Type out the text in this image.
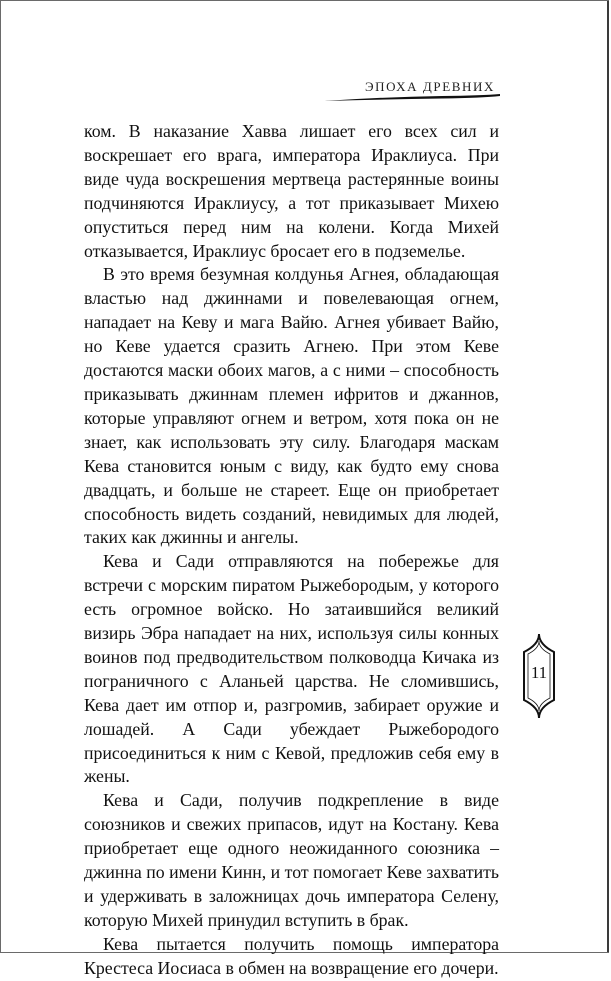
ЭПОХА ДРЕВНИХ

ком. В наказание Хавва лишает его всех сил и воскрешает его врага, императора Ираклиуса. При виде чуда воскрешения мертвеца растерянные воины подчиняются Ираклиусу, а тот приказывает Михею опуститься перед ним на колени. Когда Михей отказывается, Ираклиус бросает его в подземелье.

В это время безумная колдунья Агнея, обладающая властью над джиннами и повелевающая огнем, нападает на Кеву и мага Вайю. Агнея убивает Вайю, но Кеве удается сразить Агнею. При этом Кеве достаются маски обоих магов, а с ними – способность приказывать джиннам племен ифритов и джаннов, которые управляют огнем и ветром, хотя пока он не знает, как использовать эту силу. Благодаря маскам Кева становится юным с виду, как будто ему снова двадцать, и больше не стареет. Еще он приобретает способность видеть созданий, невидимых для людей, таких как джинны и ангелы.

Кева и Сади отправляются на побережье для встречи с морским пиратом Рыжебородым, у которого есть огромное войско. Но затаившийся великий визирь Эбра нападает на них, используя силы конных воинов под предводительством полководца Кичака из пограничного с Аланьей царства. Не сломившись, Кева дает им отпор и, разгромив, забирает оружие и лошадей. А Сади убеждает Рыжебородого присоединиться к ним с Кевой, предложив себя ему в жены.

Кева и Сади, получив подкрепление в виде союзников и свежих припасов, идут на Костану. Кева приобретает еще одного неожиданного союзника – джинна по имени Кинн, и тот помогает Кеве захватить и удерживать в заложницах дочь императора Селену, которую Михей принудил вступить в брак.

Кева пытается получить помощь императора Крестеса Иосиаса в обмен на возвращение его дочери.

11
